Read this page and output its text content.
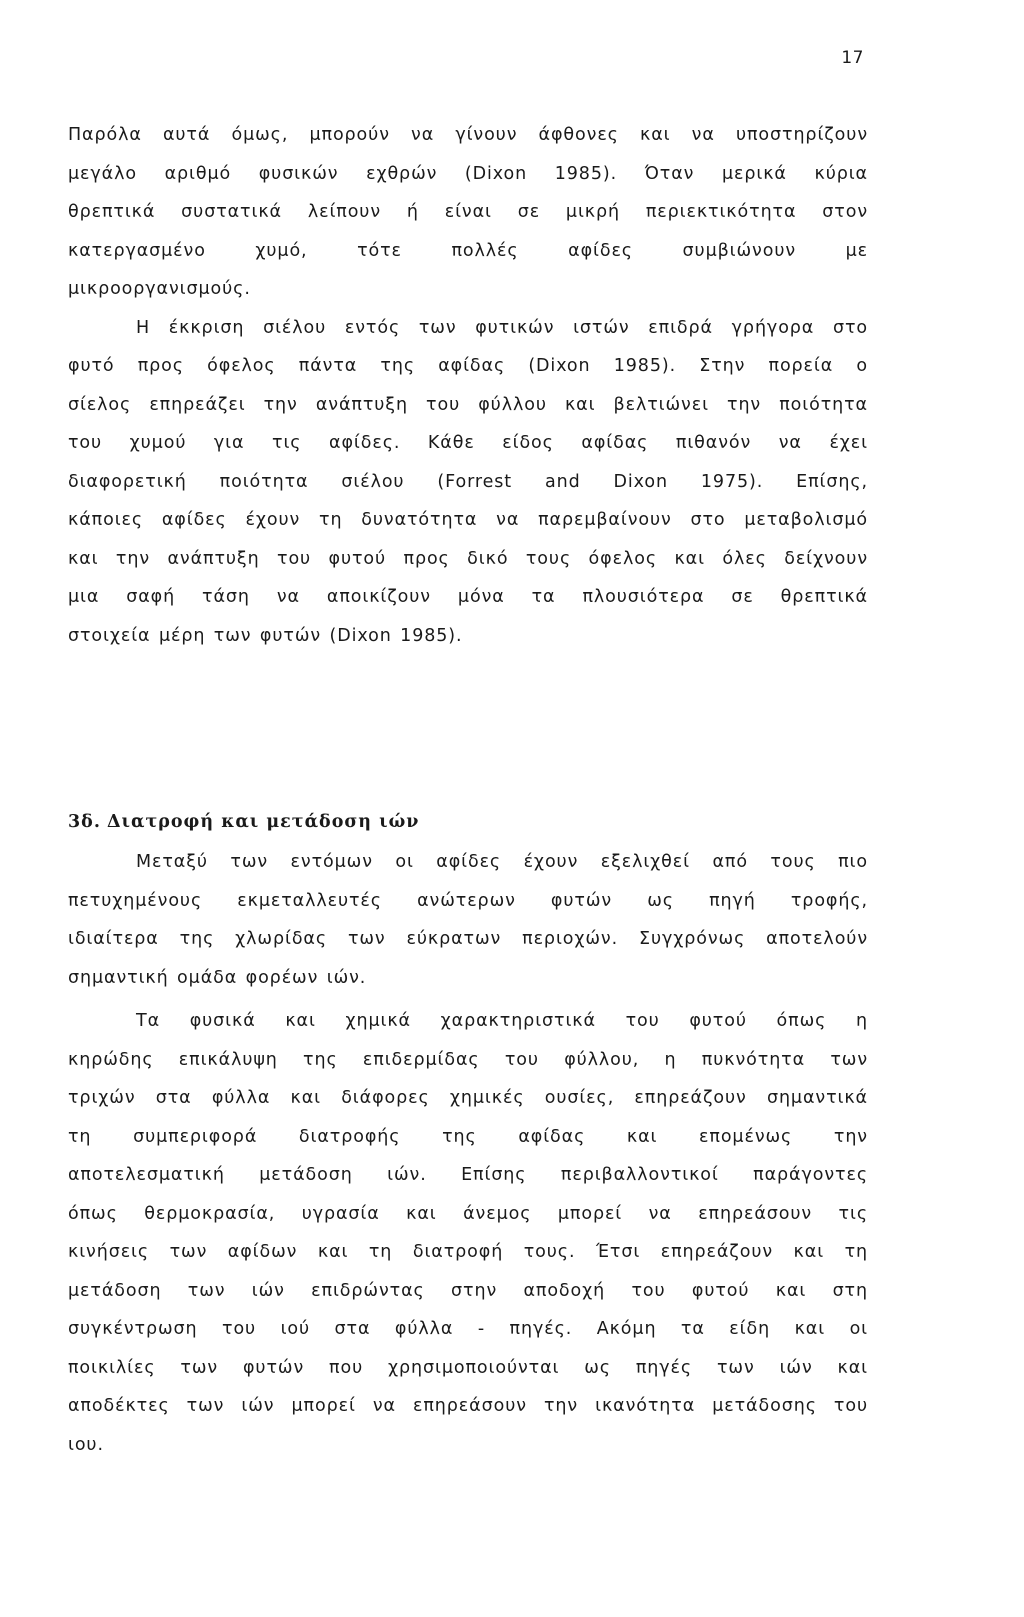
17
Παρόλα αυτά όμως, μπορούν να γίνουν άφθονες και να υποστηρίζουν
μεγάλο αριθμό φυσικών εχθρών (Dixon 1985). Όταν μερικά κύρια
θρεπτικά συστατικά λείπουν ή είναι σε μικρή περιεκτικότητα στον
κατεργασμένο χυμό, τότε πολλές αφίδες συμβιώνουν με
μικροοργανισμούς.
Η έκκριση σιέλου εντός των φυτικών ιστών επιδρά γρήγορα στο
φυτό προς όφελος πάντα της αφίδας (Dixon 1985). Στην πορεία ο
σίελος επηρεάζει την ανάπτυξη του φύλλου και βελτιώνει την ποιότητα
του χυμού για τις αφίδες. Κάθε είδος αφίδας πιθανόν να έχει
διαφορετική ποιότητα σιέλου (Forrest and Dixon 1975). Επίσης,
κάποιες αφίδες έχουν τη δυνατότητα να παρεμβαίνουν στο μεταβολισμό
και την ανάπτυξη του φυτού προς δικό τους όφελος και όλες δείχνουν
μια σαφή τάση να αποικίζουν μόνα τα πλουσιότερα σε θρεπτικά
στοιχεία μέρη των φυτών (Dixon 1985).
3δ. Διατροφή και μετάδοση ιών
Μεταξύ των εντόμων οι αφίδες έχουν εξελιχθεί από τους πιο
πετυχημένους εκμεταλλευτές ανώτερων φυτών ως πηγή τροφής,
ιδιαίτερα της χλωρίδας των εύκρατων περιοχών. Συγχρόνως αποτελούν
σημαντική ομάδα φορέων ιών.
Τα φυσικά και χημικά χαρακτηριστικά του φυτού όπως η
κηρώδης επικάλυψη της επιδερμίδας του φύλλου, η πυκνότητα των
τριχών στα φύλλα και διάφορες χημικές ουσίες, επηρεάζουν σημαντικά
τη συμπεριφορά διατροφής της αφίδας και επομένως την
αποτελεσματική μετάδοση ιών. Επίσης περιβαλλοντικοί παράγοντες
όπως θερμοκρασία, υγρασία και άνεμος μπορεί να επηρεάσουν τις
κινήσεις των αφίδων και τη διατροφή τους. Έτσι επηρεάζουν και τη
μετάδοση των ιών επιδρώντας στην αποδοχή του φυτού και στη
συγκέντρωση του ιού στα φύλλα - πηγές. Ακόμη τα είδη και οι
ποικιλίες των φυτών που χρησιμοποιούνται ως πηγές των ιών και
αποδέκτες των ιών μπορεί να επηρεάσουν την ικανότητα μετάδοσης του
ιου.
